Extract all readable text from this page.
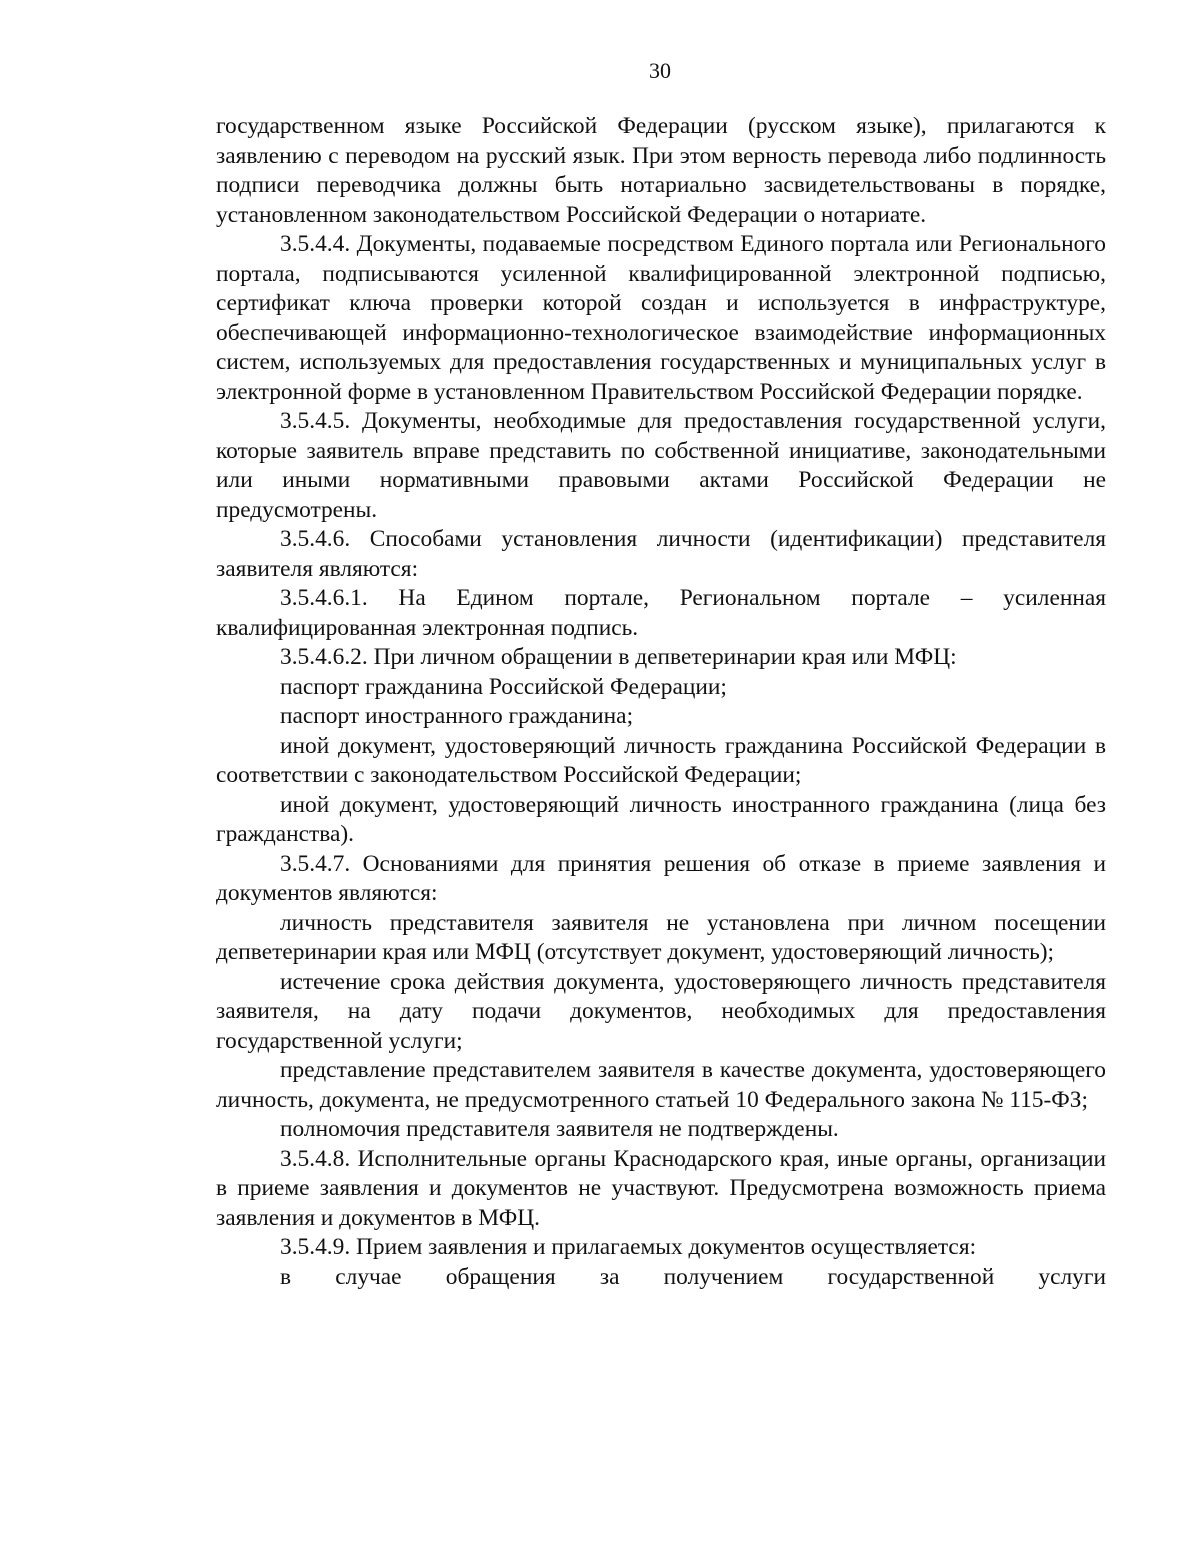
30

государственном языке Российской Федерации (русском языке), прилагаются к заявлению с переводом на русский язык. При этом верность перевода либо подлинность подписи переводчика должны быть нотариально засвидетельствованы в порядке, установленном законодательством Российской Федерации о нотариате.

3.5.4.4. Документы, подаваемые посредством Единого портала или Регионального портала, подписываются усиленной квалифицированной электронной подписью, сертификат ключа проверки которой создан и используется в инфраструктуре, обеспечивающей информационно-технологическое взаимодействие информационных систем, используемых для предоставления государственных и муниципальных услуг в электронной форме в установленном Правительством Российской Федерации порядке.

3.5.4.5. Документы, необходимые для предоставления государственной услуги, которые заявитель вправе представить по собственной инициативе, законодательными или иными нормативными правовыми актами Российской Федерации не предусмотрены.

3.5.4.6. Способами установления личности (идентификации) представителя заявителя являются:

3.5.4.6.1. На Едином портале, Региональном портале – усиленная квалифицированная электронная подпись.

3.5.4.6.2. При личном обращении в депветеринарии края или МФЦ:

паспорт гражданина Российской Федерации;

паспорт иностранного гражданина;

иной документ, удостоверяющий личность гражданина Российской Федерации в соответствии с законодательством Российской Федерации;

иной документ, удостоверяющий личность иностранного гражданина (лица без гражданства).

3.5.4.7. Основаниями для принятия решения об отказе в приеме заявления и документов являются:

личность представителя заявителя не установлена при личном посещении депветеринарии края или МФЦ (отсутствует документ, удостоверяющий личность);

истечение срока действия документа, удостоверяющего личность представителя заявителя, на дату подачи документов, необходимых для предоставления государственной услуги;

представление представителем заявителя в качестве документа, удостоверяющего личность, документа, не предусмотренного статьей 10 Федерального закона № 115-ФЗ;

полномочия представителя заявителя не подтверждены.

3.5.4.8. Исполнительные органы Краснодарского края, иные органы, организации в приеме заявления и документов не участвуют. Предусмотрена возможность приема заявления и документов в МФЦ.

3.5.4.9. Прием заявления и прилагаемых документов осуществляется:

в случае обращения за получением государственной услуги
